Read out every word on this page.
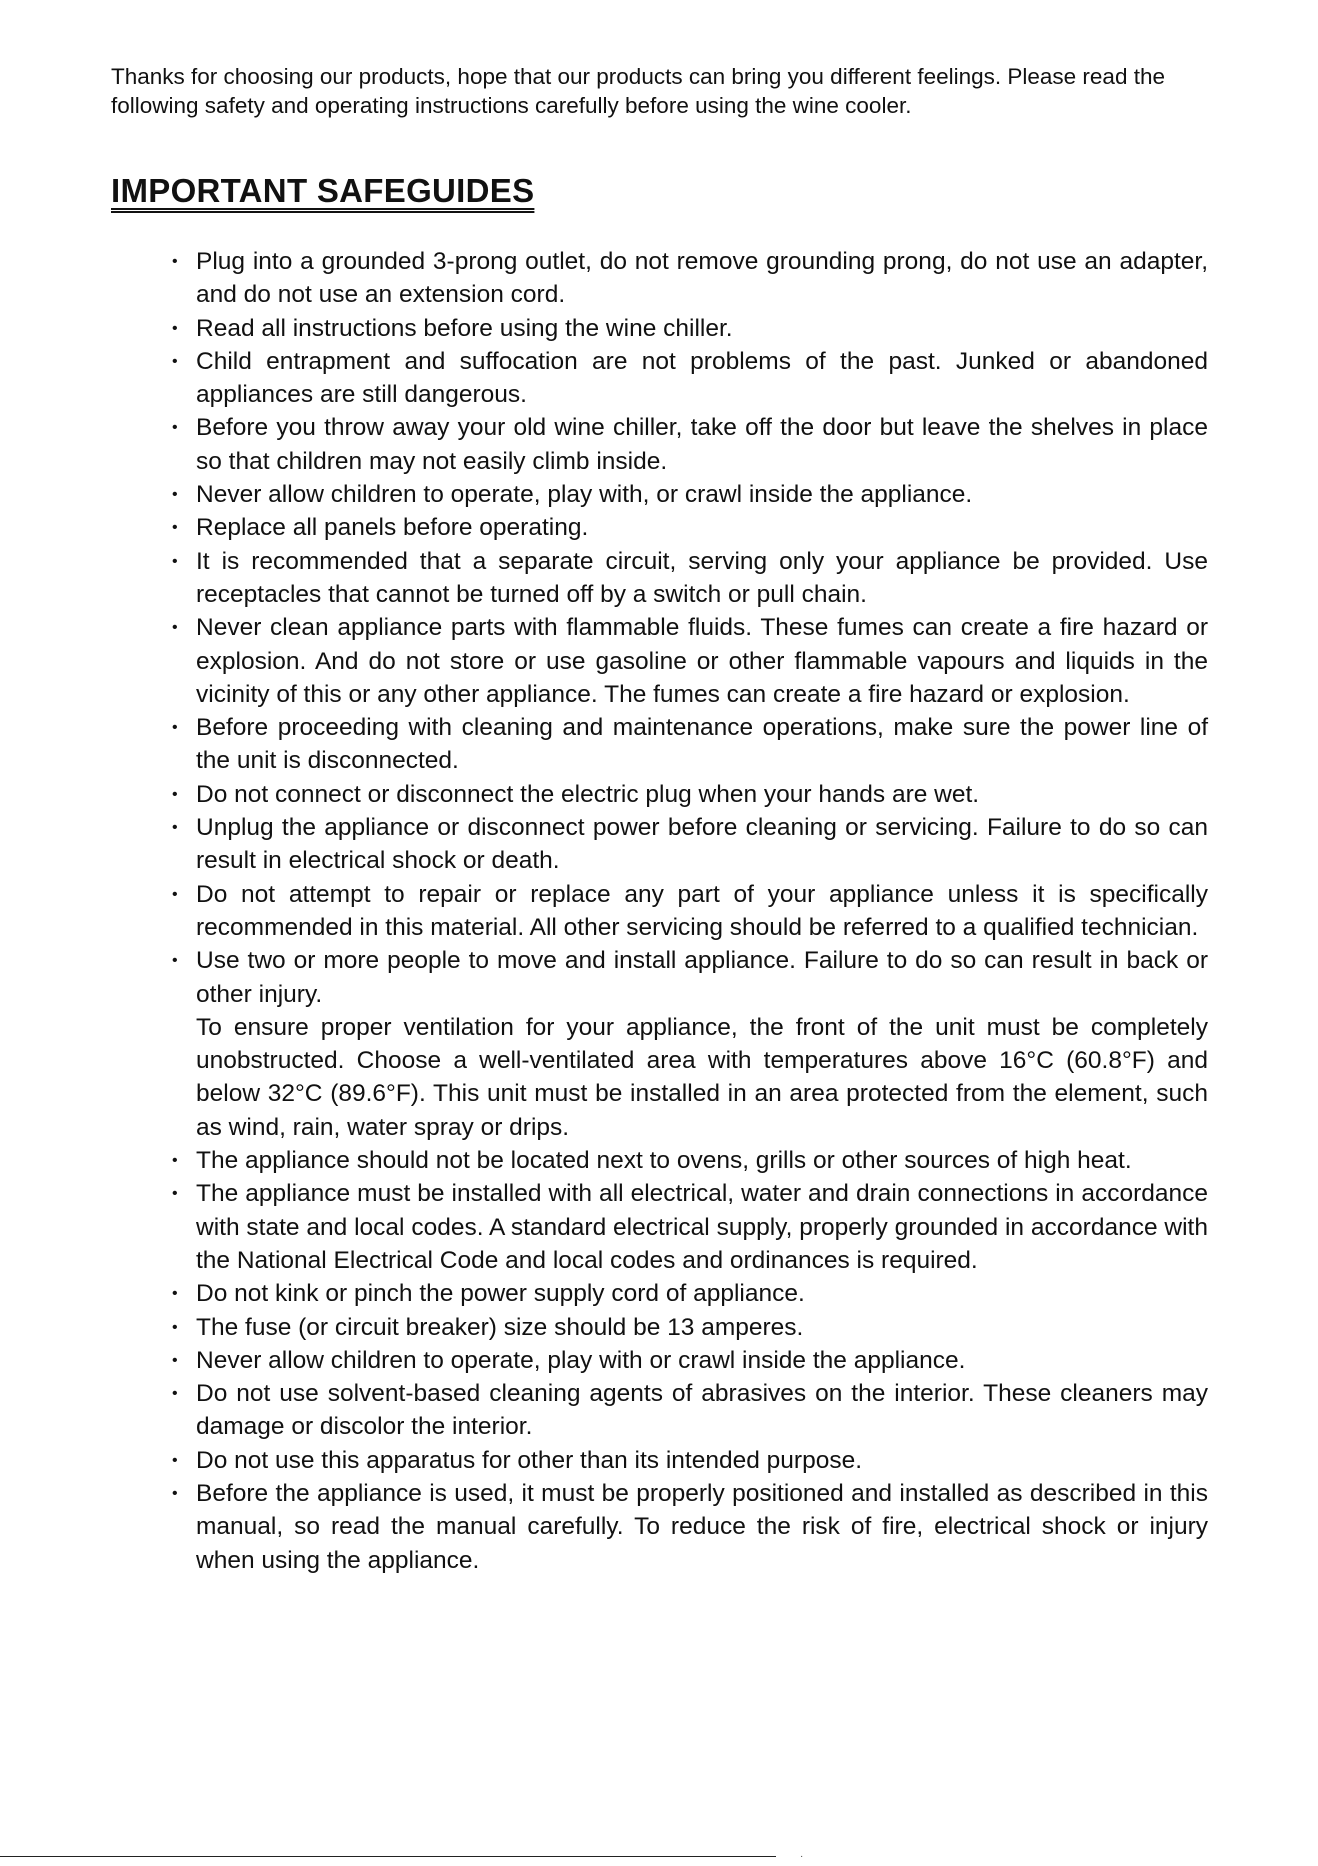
Thanks for choosing our products, hope that our products can bring you different feelings. Please read the following safety and operating instructions carefully before using the wine cooler.

IMPORTANT SAFEGUIDES
• Plug into a grounded 3-prong outlet, do not remove grounding prong, do not use an adapter, and do not use an extension cord.
• Read all instructions before using the wine chiller.
• Child entrapment and suffocation are not problems of the past. Junked or abandoned appliances are still dangerous.
• Before you throw away your old wine chiller, take off the door but leave the shelves in place so that children may not easily climb inside.
• Never allow children to operate, play with, or crawl inside the appliance.
• Replace all panels before operating.
• It is recommended that a separate circuit, serving only your appliance be provided. Use receptacles that cannot be turned off by a switch or pull chain.
• Never clean appliance parts with flammable fluids. These fumes can create a fire hazard or explosion. And do not store or use gasoline or other flammable vapours and liquids in the vicinity of this or any other appliance. The fumes can create a fire hazard or explosion.
• Before proceeding with cleaning and maintenance operations, make sure the power line of the unit is disconnected.
• Do not connect or disconnect the electric plug when your hands are wet.
• Unplug the appliance or disconnect power before cleaning or servicing. Failure to do so can result in electrical shock or death.
• Do not attempt to repair or replace any part of your appliance unless it is specifically recommended in this material. All other servicing should be referred to a qualified technician.
• Use two or more people to move and install appliance. Failure to do so can result in back or other injury.
To ensure proper ventilation for your appliance, the front of the unit must be completely unobstructed. Choose a well-ventilated area with temperatures above 16°C (60.8°F) and below 32°C (89.6°F). This unit must be installed in an area protected from the element, such as wind, rain, water spray or drips.
• The appliance should not be located next to ovens, grills or other sources of high heat.
• The appliance must be installed with all electrical, water and drain connections in accordance with state and local codes. A standard electrical supply, properly grounded in accordance with the National Electrical Code and local codes and ordinances is required.
• Do not kink or pinch the power supply cord of appliance.
• The fuse (or circuit breaker) size should be 13 amperes.
• Never allow children to operate, play with or crawl inside the appliance.
• Do not use solvent-based cleaning agents of abrasives on the interior. These cleaners may damage or discolor the interior.
• Do not use this apparatus for other than its intended purpose.
• Before the appliance is used, it must be properly positioned and installed as described in this manual, so read the manual carefully. To reduce the risk of fire, electrical shock or injury when using the appliance.
·
